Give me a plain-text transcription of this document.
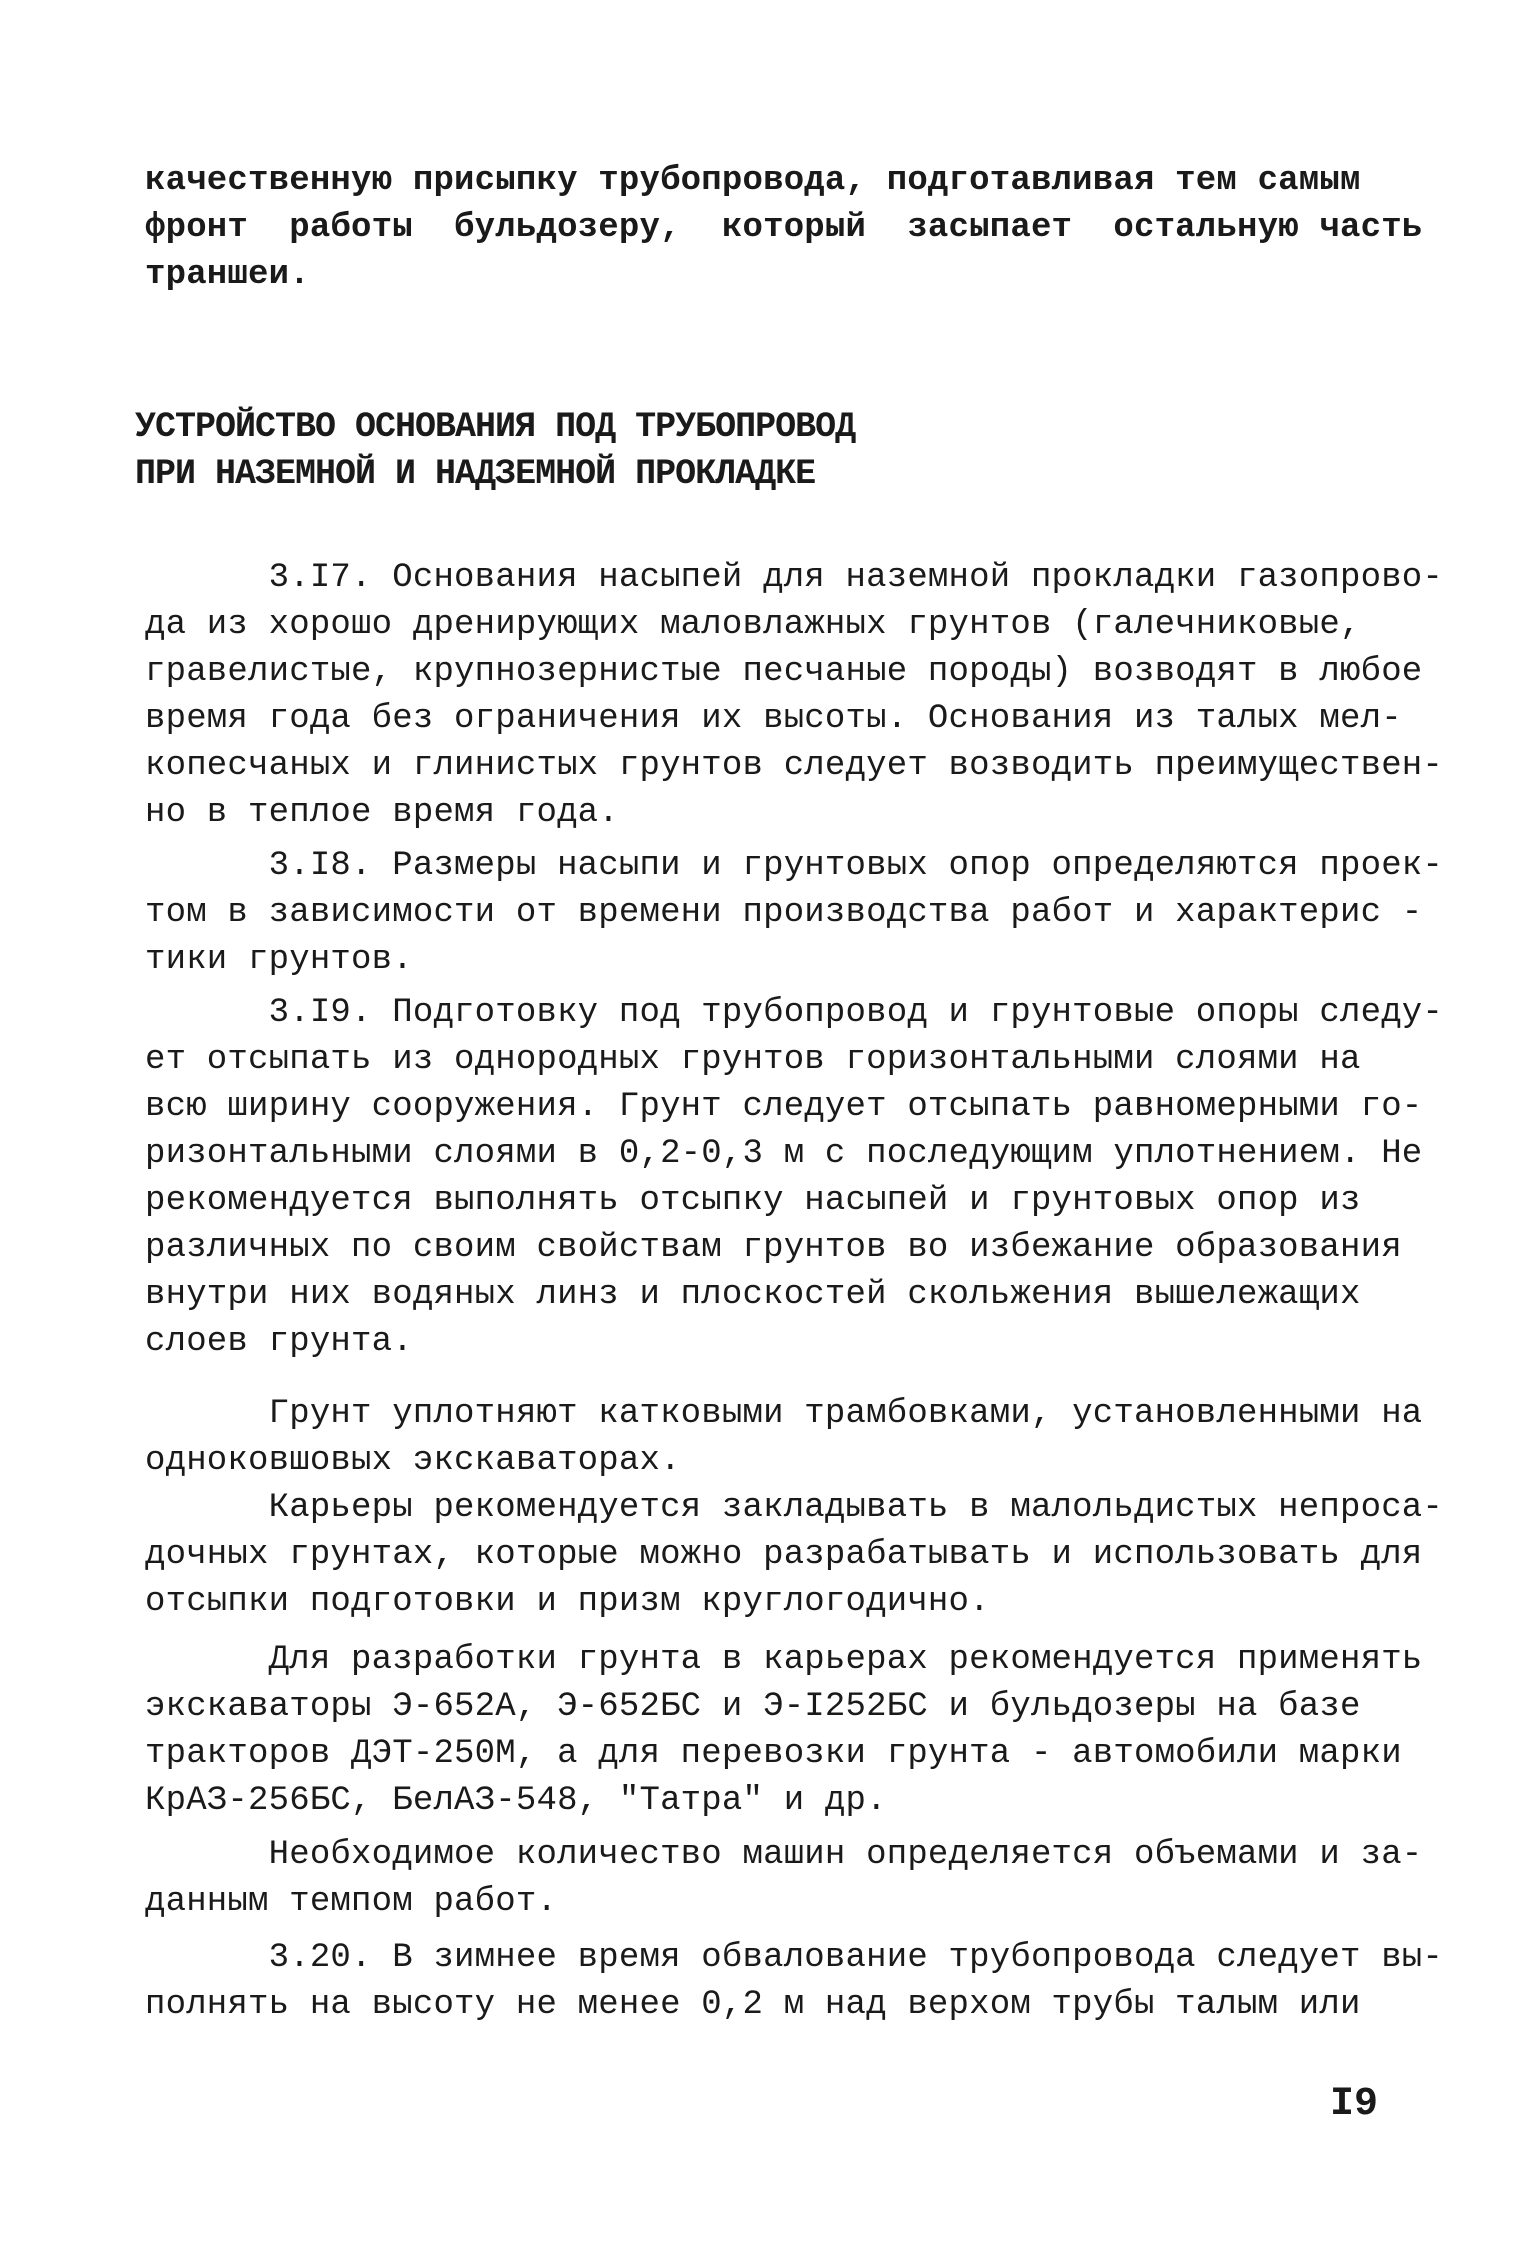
качественную присыпку трубопровода, подготавливая тем самым
фронт  работы  бульдозеру,  который  засыпает  остальную часть
траншеи.
УСТРОЙСТВО ОСНОВАНИЯ ПОД ТРУБОПРОВОД
ПРИ НАЗЕМНОЙ И НАДЗЕМНОЙ ПРОКЛАДКЕ
3.I7. Основания насыпей для наземной прокладки газопрово-
да из хорошо дренирующих маловлажных грунтов (галечниковые,
гравелистые, крупнозернистые песчаные породы) возводят в любое
время года без ограничения их высоты. Основания из талых мел-
копесчаных и глинистых грунтов следует возводить преимуществен-
но в теплое время года.
3.I8. Размеры насыпи и грунтовых опор определяются проек-
том в зависимости от времени производства работ и характерис -
тики грунтов.
3.I9. Подготовку под трубопровод и грунтовые опоры следу-
ет отсыпать из однородных грунтов горизонтальными слоями на
всю ширину сооружения. Грунт следует отсыпать равномерными го-
ризонтальными слоями в 0,2-0,3 м с последующим уплотнением. Не
рекомендуется выполнять отсыпку насыпей и грунтовых опор из
различных по своим свойствам грунтов во избежание образования
внутри них водяных линз и плоскостей скольжения вышележащих
слоев грунта.
Грунт уплотняют катковыми трамбовками, установленными на
одноковшовых экскаваторах.
Карьеры рекомендуется закладывать в малольдистых непроса-
дочных грунтах, которые можно разрабатывать и использовать для
отсыпки подготовки и призм круглогодично.
Для разработки грунта в карьерах рекомендуется применять
экскаваторы Э-652А, Э-652БС и Э-I252БС и бульдозеры на базе
тракторов ДЭТ-250М, а для перевозки грунта - автомобили марки
КрАЗ-256БС, БелАЗ-548, "Татра" и др.
Необходимое количество машин определяется объемами и за-
данным темпом работ.
3.20. В зимнее время обвалование трубопровода следует вы-
полнять на высоту не менее 0,2 м над верхом трубы талым или
I9
